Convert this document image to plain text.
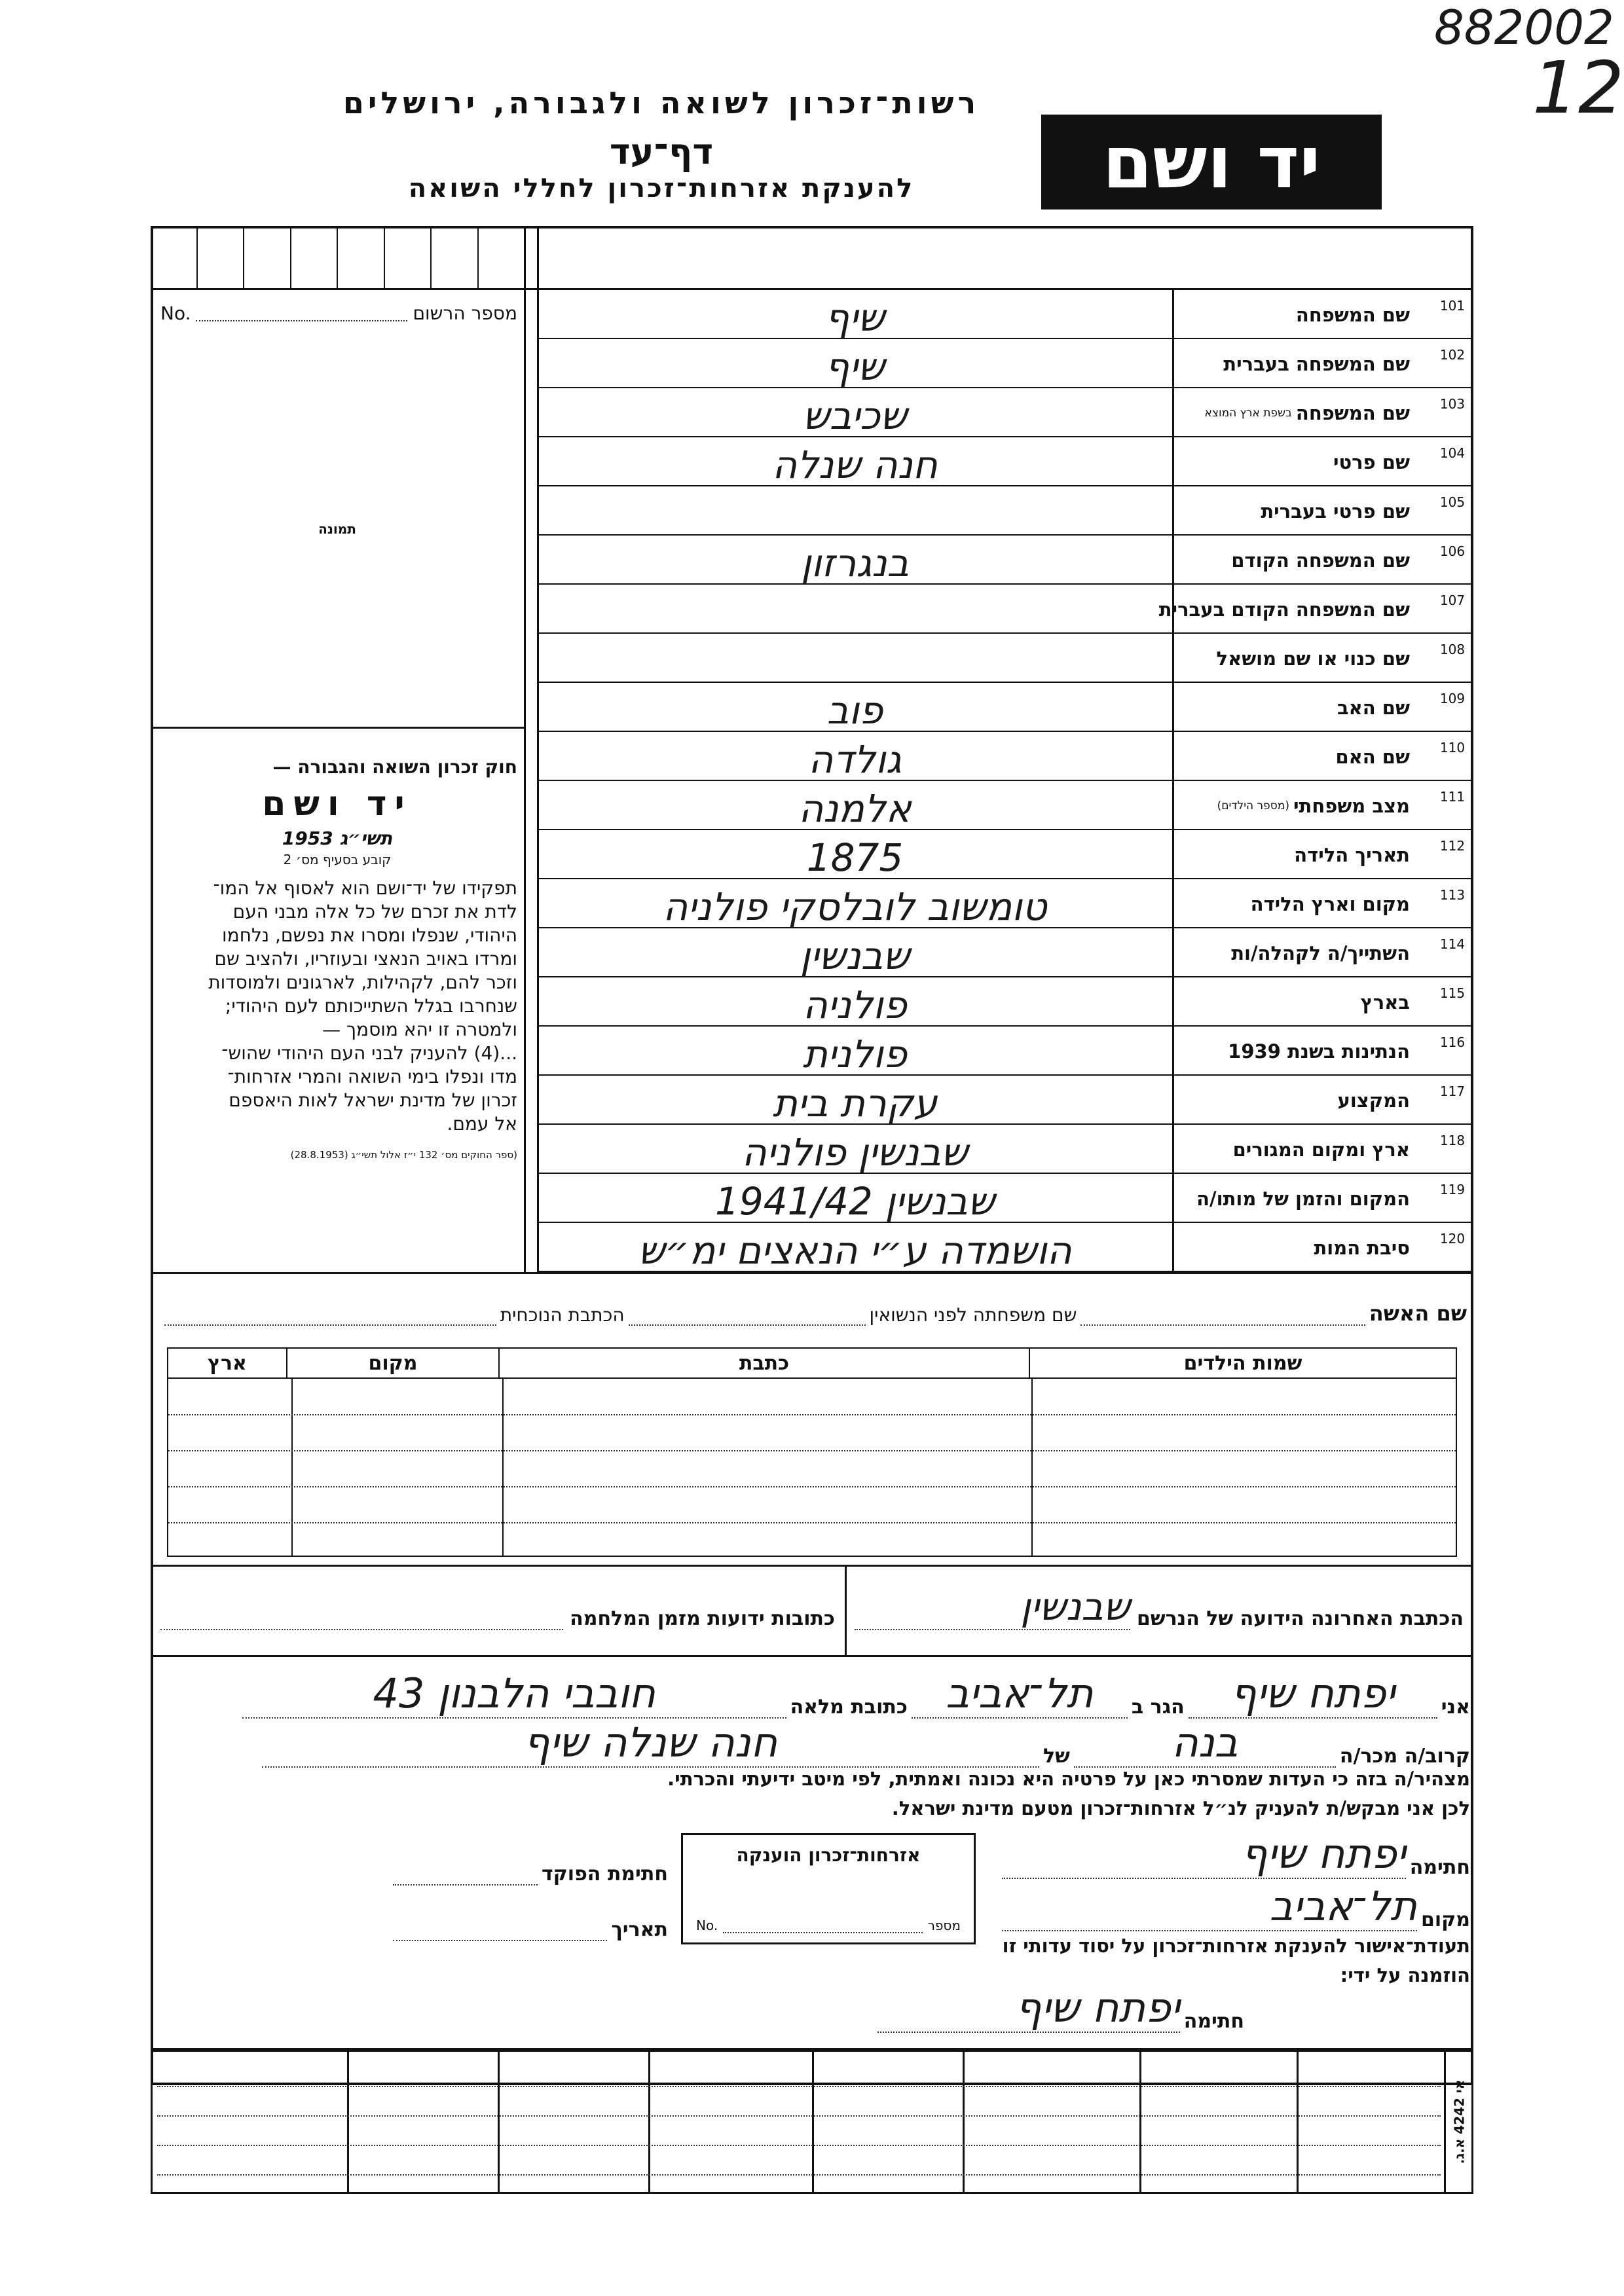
882002
12
יד ושם
רשות־זכרון לשואה ולגבורה, ירושלים
דף־עד
להענקת אזרחות־זכרון לחללי השואה
No.	מספר הרשום
תמונה
חוק זכרון השואה והגבורה —
יד ושם
תשי״ג 1953
קובע בסעיף מס׳ 2
תפקידו של יד־ושם הוא לאסוף אל המו־
לדת את זכרם של כל אלה מבני העם
היהודי, שנפלו ומסרו את נפשם, נלחמו
ומרדו באויב הנאצי ובעוזריו, ולהציב שם
וזכר להם, לקהילות, לארגונים ולמוסדות
שנחרבו בגלל השתייכותם לעם היהודי;
ולמטרה זו יהא מוסמך —
...(4) להעניק לבני העם היהודי שהוש־
מדו ונפלו בימי השואה והמרי אזרחות־
זכרון של מדינת ישראל לאות היאספם
אל עמם.
(ספר החוקים מס׳ 132 י״ז אלול תשי״ג (28.8.1953)
שיף	שם המשפחה 101
שיף	שם המשפחה בעברית 102
שכיבש	שם המשפחה
בשפת ארץ המוצא
103
חנה שנלה	שם פרטי 104
שם פרטי בעברית 105
בנגרזון	שם המשפחה הקודם 106
שם המשפחה הקודם בעברית 107
שם כנוי או שם מושאל 108
פוב	שם האב 109
גולדה	שם האם 110
אלמנה	מצב משפחתי
(מספר הילדים)
111
1875	תאריך הלידה 112
טומשוב לובלסקי פולניה	מקום וארץ הלידה 113
שבנשין	השתייך/ה לקהלה/ות 114
פולניה	בארץ 115
פולנית	הנתינות בשנת 1939 116
עקרת בית	המקצוע 117
שבנשין פולניה	ארץ ומקום המגורים 118
שבנשין 1941/42	המקום והזמן של מותו/ה 119
הושמדה ע״י הנאצים ימ״ש	סיבת המות 120
שם האשה
שם משפחתה לפני הנשואין
הכתבת הנוכחית
שמות הילדים
כתבת
מקום
ארץ
הכתבת האחרונה הידועה של הנרשם
שבנשין
כתובות ידועות מזמן המלחמה
אני
יפתח שיף
הגר ב
תל־אביב
כתובת מלאה
חובבי הלבנון 43
קרוב/ה מכר/ה
בנה
של
חנה שנלה שיף
מצהיר/ה בזה כי העדות שמסרתי כאן על פרטיה היא נכונה ואמתית, לפי מיטב ידיעתי והכרתי.
לכן אני מבקש/ת להעניק לנ״ל אזרחות־זכרון מטעם מדינת ישראל.
חתימה
יפתח שיף
מקום
תל־אביב
תעודת־אישור להענקת אזרחות־זכרון על יסוד עדותי זו
הוזמנה על ידי:
חתימה
יפתח שיף
אזרחות־זכרון הוענקה
No.	מספר
חתימת הפוקד
תאריך
אי 4242 א.ג.
